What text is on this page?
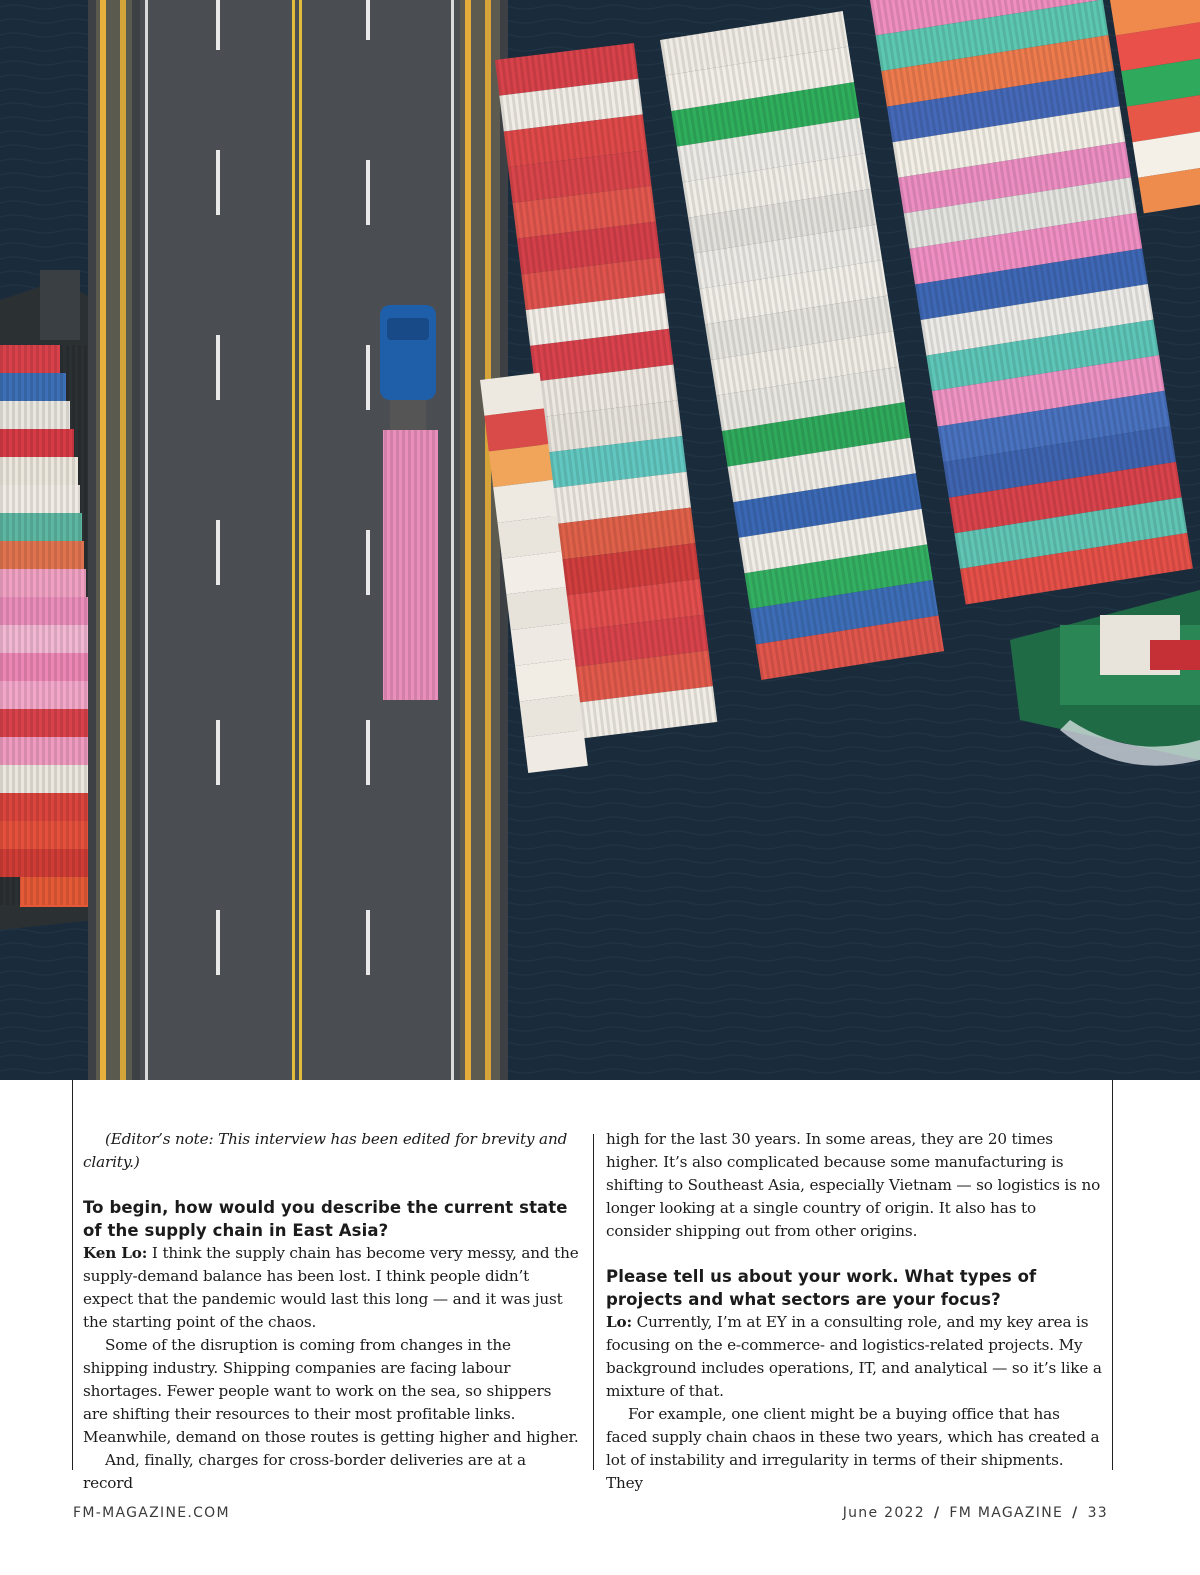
(Editor’s note: This interview has been edited for brevity and clarity.)

To begin, how would you describe the current state of the supply chain in East Asia?

Ken Lo: I think the supply chain has become very messy, and the supply-demand balance has been lost. I think people didn’t expect that the pandemic would last this long — and it was just the starting point of the chaos.

Some of the disruption is coming from changes in the shipping industry. Shipping companies are facing labour shortages. Fewer people want to work on the sea, so shippers are shifting their resources to their most profitable links. Meanwhile, demand on those routes is getting higher and higher.

And, finally, charges for cross-border deliveries are at a record

high for the last 30 years. In some areas, they are 20 times higher. It’s also complicated because some manufacturing is shifting to Southeast Asia, especially Vietnam — so logistics is no longer looking at a single country of origin. It also has to consider shipping out from other origins.

Please tell us about your work. What types of projects and what sectors are your focus?

Lo: Currently, I’m at EY in a consulting role, and my key area is focusing on the e-commerce- and logistics-related projects. My background includes operations, IT, and analytical — so it’s like a mixture of that.

For example, one client might be a buying office that has faced supply chain chaos in these two years, which has created a lot of instability and irregularity in terms of their shipments. They

FM-MAGAZINE.COM	June 2022 / FM MAGAZINE / 33
